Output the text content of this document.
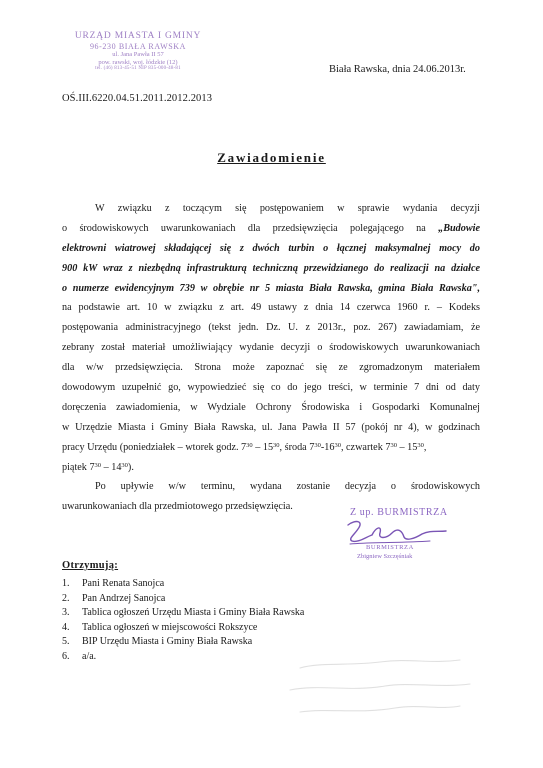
URZĄD MIASTA I GMINY
96-230 BIAŁA RAWSKA
ul. Jana Pawła II 57
pow. rawski, woj. łódzkie (12)
tel. (46) 813-45-51 NIP 835-000-48-81	Biała Rawska, dnia 24.06.2013r.
OŚ.III.6220.04.51.2011.2012.2013
Zawiadomienie
W związku z toczącym się postępowaniem w sprawie wydania decyzji
o środowiskowych uwarunkowaniach dla przedsięwzięcia polegającego na „Budowie
elektrowni wiatrowej składającej się z dwóch turbin o łącznej maksymalnej mocy do
900 kW wraz z niezbędną infrastrukturą techniczną przewidzianego do realizacji na działce
o numerze ewidencyjnym 739 w obrębie nr 5 miasta Biała Rawska, gmina Biała Rawska",
na podstawie art. 10 w związku z art. 49 ustawy z dnia 14 czerwca 1960 r. – Kodeks
postępowania administracyjnego (tekst jedn. Dz. U. z 2013r., poz. 267) zawiadamiam, że
zebrany został materiał umożliwiający wydanie decyzji o środowiskowych uwarunkowaniach
dla w/w przedsięwzięcia. Strona może zapoznać się ze zgromadzonym materiałem
dowodowym uzupełnić go, wypowiedzieć się co do jego treści, w terminie 7 dni od daty
doręczenia zawiadomienia, w Wydziale Ochrony Środowiska i Gospodarki Komunalnej
w Urzędzie Miasta i Gminy Biała Rawska, ul. Jana Pawła II 57 (pokój nr 4), w godzinach
pracy Urzędu (poniedziałek – wtorek godz. $7^{30} - 15^{30}$, środa $7^{30}-16^{30}$, czwartek $7^{30} - 15^{30}$,
piątek $7^{30} - 14^{30}$).
Po upływie w/w terminu, wydana zostanie decyzja o środowiskowych
uwarunkowaniach dla przedmiotowego przedsięwzięcia.
Z up. BURMISTRZA
BURMISTRZA
Zbigniew Szczęśniak
Otrzymują:
1.	Pani Renata Sanojca
2.	Pan Andrzej Sanojca
3.	Tablica ogłoszeń Urzędu Miasta i Gminy Biała Rawska
4.	Tablica ogłoszeń w miejscowości Rokszyce
5.	BIP Urzędu Miasta i Gminy Biała Rawska
6.	a/a.
